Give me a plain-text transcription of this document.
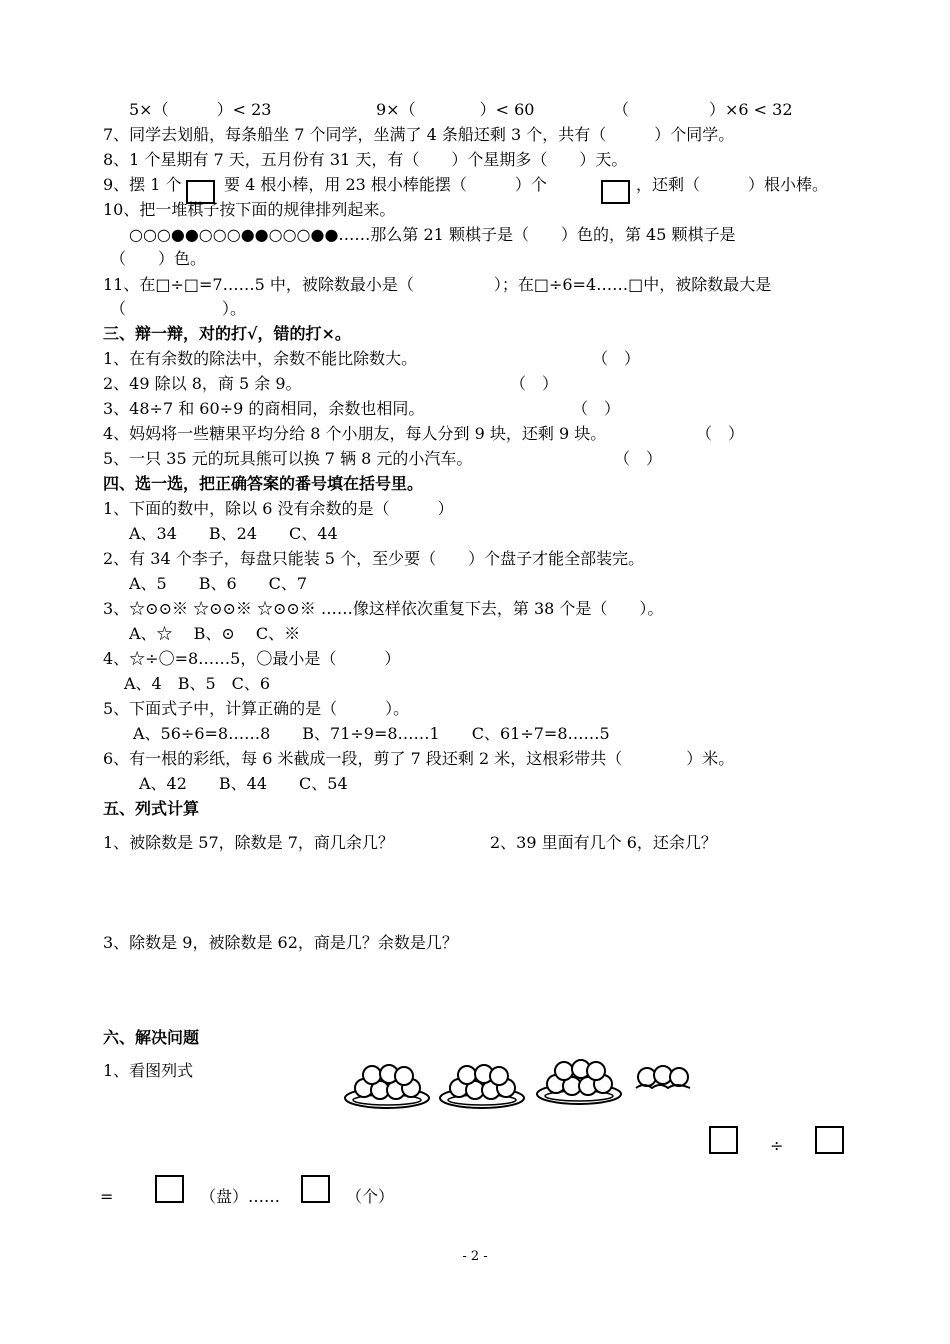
5×（　　　）< 23	9×（　　　　）< 60	（　　　　　）×6 < 32
7、同学去划船，每条船坐 7 个同学，坐满了 4 条船还剩 3 个，共有（　　　）个同学。
8、1 个星期有 7 天，五月份有 31 天，有（　　）个星期多（　　）天。
9、摆 1 个	要 4 根小棒，用 23 根小棒能摆（　　　）个	，还剩（　　　）根小棒。
10、把一堆棋子按下面的规律排列起来。
○○○●●○○○●●○○○●●……那么第 21 颗棋子是（　　）色的，第 45 颗棋子是
（　　）色。
11、在□÷□=7……5 中，被除数最小是（　　　　　）；在□÷6=4……□中，被除数最大是
（　　　　　　）。
三、辩一辩，对的打√，错的打×。
1、在有余数的除法中，余数不能比除数大。	（　）
2、49 除以 8，商 5 余 9。	（　）
3、48÷7 和 60÷9 的商相同，余数也相同。	（　）
4、妈妈将一些糖果平均分给 8 个小朋友，每人分到 9 块，还剩 9 块。	（　）
5、一只 35 元的玩具熊可以换 7 辆 8 元的小汽车。	（　）
四、选一选，把正确答案的番号填在括号里。
1、下面的数中，除以 6 没有余数的是（　　　）
A、34　　B、24　　C、44
2、有 34 个李子，每盘只能装 5 个，至少要（　　）个盘子才能全部装完。
A、5　　B、6　　C、7
3、☆⊙⊙※ ☆⊙⊙※ ☆⊙⊙※ ……像这样依次重复下去，第 38 个是（　　）。
A、☆　 B、⊙　 C、※
4、☆÷〇=8……5，〇最小是（　　　）
A、4　B、5　C、6
5、下面式子中，计算正确的是（　　　）。
A、56÷6=8……8　　B、71÷9=8……1　　C、61÷7=8……5
6、有一根的彩纸，每 6 米截成一段，剪了 7 段还剩 2 米，这根彩带共（　　　　）米。
A、42　　B、44　　C、54
五、列式计算
1、被除数是 57，除数是 7，商几余几？	2、39 里面有几个 6，还余几？
3、除数是 9，被除数是 62，商是几？余数是几？
六、解决问题
1、看图列式
÷
=	（盘）……	（个）
- 2 -
